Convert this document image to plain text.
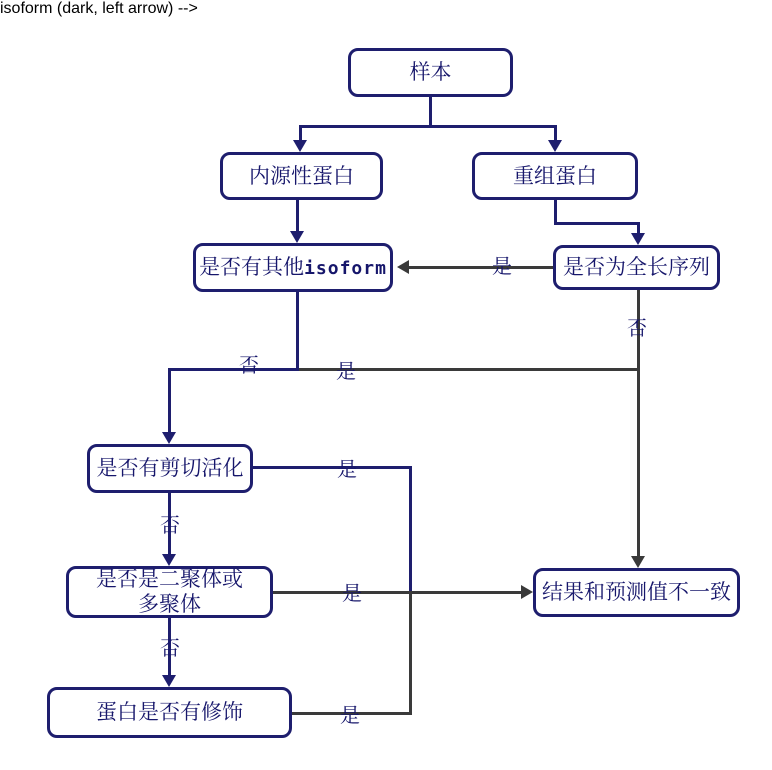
样本
内源性蛋白	重组蛋白
是否有其他 isoform	是否为全长序列
是否有剪切活化
是否是二聚体或
多聚体
蛋白是否有修饰
结果和预测值不一致
isoform (dark, left arrow) -->
是
否
否	是
是
否
是
否
是
